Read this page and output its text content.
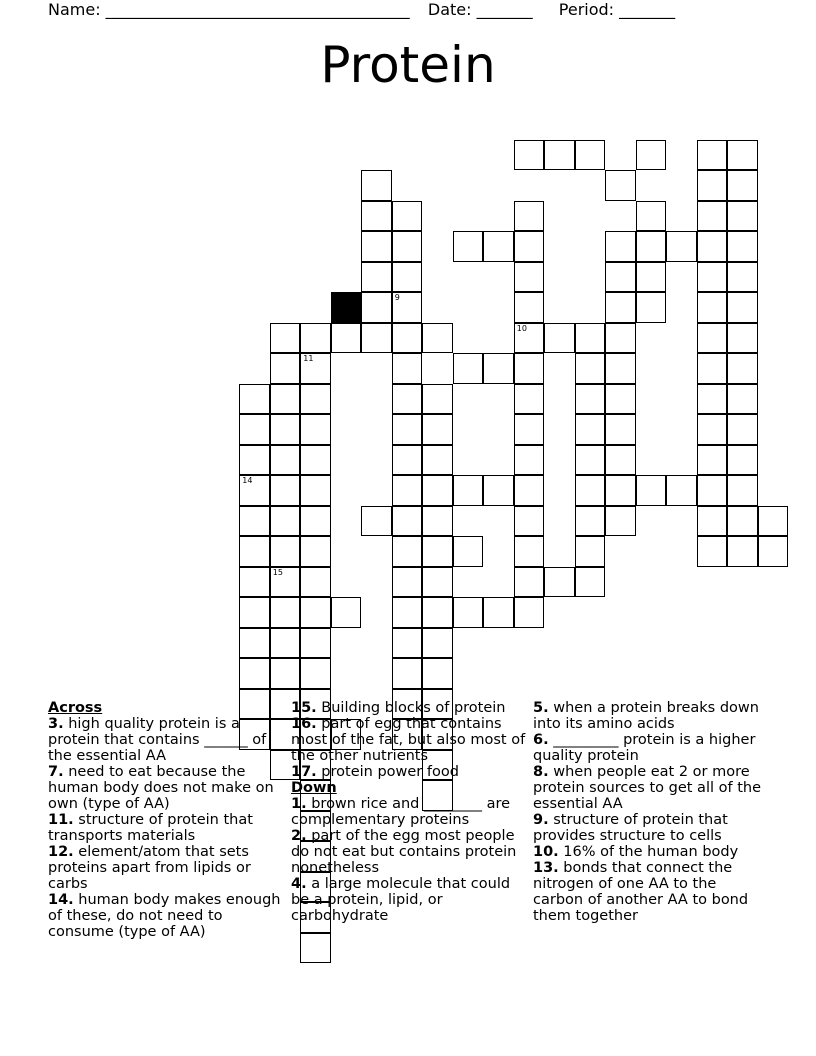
Name: ______________________________________ Date: _______ Period: _______
Protein
14
15
11
9
10
Across
3. high quality protein is a protein that contains ______ of the essential AA
7. need to eat because the human body does not make on own (type of AA)
11. structure of protein that transports materials
12. element/atom that sets proteins apart from lipids or carbs
14. human body makes enough of these, do not need to consume (type of AA)
15. Building blocks of protein
16. part of egg that contains most of the fat, but also most of the other nutrients
17. protein power food
Down
1. brown rice and ________ are complementary proteins
2. part of the egg most people do not eat but contains protein nonetheless
4. a large molecule that could be a protein, lipid, or carbohydrate
5. when a protein breaks down into its amino acids
6. _________ protein is a higher quality protein
8. when people eat 2 or more protein sources to get all of the essential AA
9. structure of protein that provides structure to cells
10. 16% of the human body
13. bonds that connect the nitrogen of one AA to the carbon of another AA to bond them together
